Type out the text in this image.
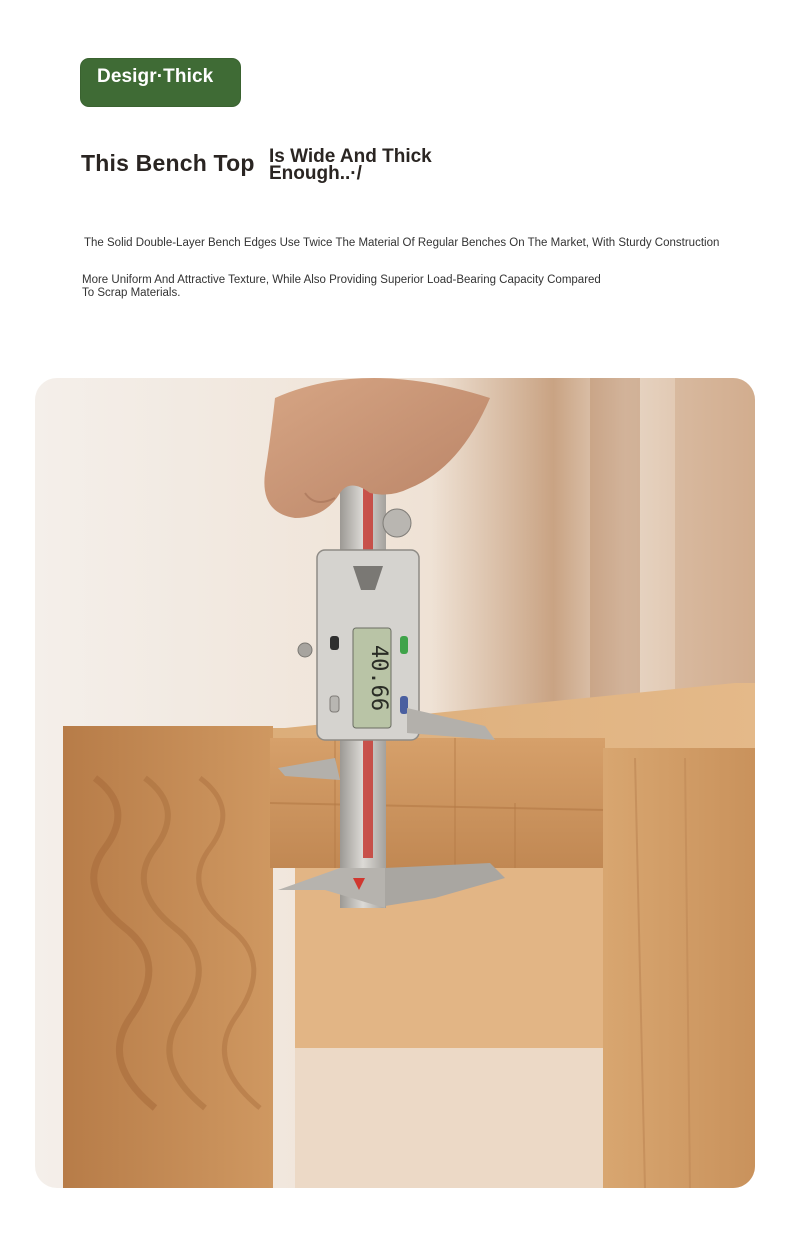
Desigr·Thick
This Bench Top Is Wide And Thick Enough..·/
The Solid Double-Layer Bench Edges Use Twice The Material Of Regular Benches On The Market, With Sturdy Construction
More Uniform And Attractive Texture, While Also Providing Superior Load-Bearing Capacity Compared To Scrap Materials.
40.66
